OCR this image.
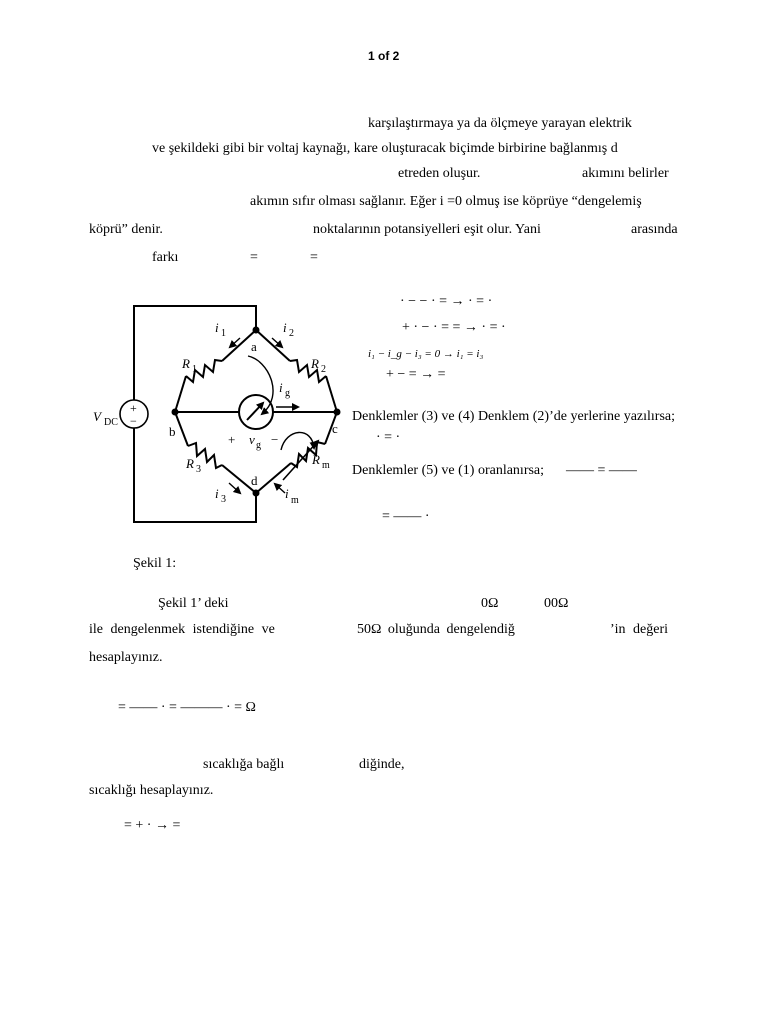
1 of 2
karşılaştırmaya ya da ölçmeye yarayan elektrik
ve şekildeki gibi bir voltaj kaynağı, kare oluşturacak biçimde birbirine bağlanmış d
etreden oluşur.	akımını belirler
akımın sıfır olması sağlanır. Eğer i =0 olmuş ise köprüye “dengelemiş
köprü” denir.	noktalarının potansiyelleri eşit olur. Yani	arasında
farkı	=	=
+
−
V DC
a
b	c
d
R 1	R 2
R 3
R m
i 1	i 2
i 3	i m
i g
v g
+	−
· − − · = → · = ·
+ · − · = = → · = ·
i₁ − i_g − i₃ = 0 → i₁ = i₃
+ − = → =
Denklemler (3) ve (4) Denklem (2)’de yerlerine yazılırsa;
· = ·
Denklemler (5) ve (1) oranlanırsa; —— = ——
= —— ·
Şekil 1:
Şekil 1’ deki	0Ω	00Ω
ile dengelenmek istendiğine ve	50Ω oluğunda dengelendiğ	’in değeri
hesaplayınız.
= —— · = ——— · = Ω
sıcaklığa bağlı	diğinde,
sıcaklığı hesaplayınız.
= + · → =
